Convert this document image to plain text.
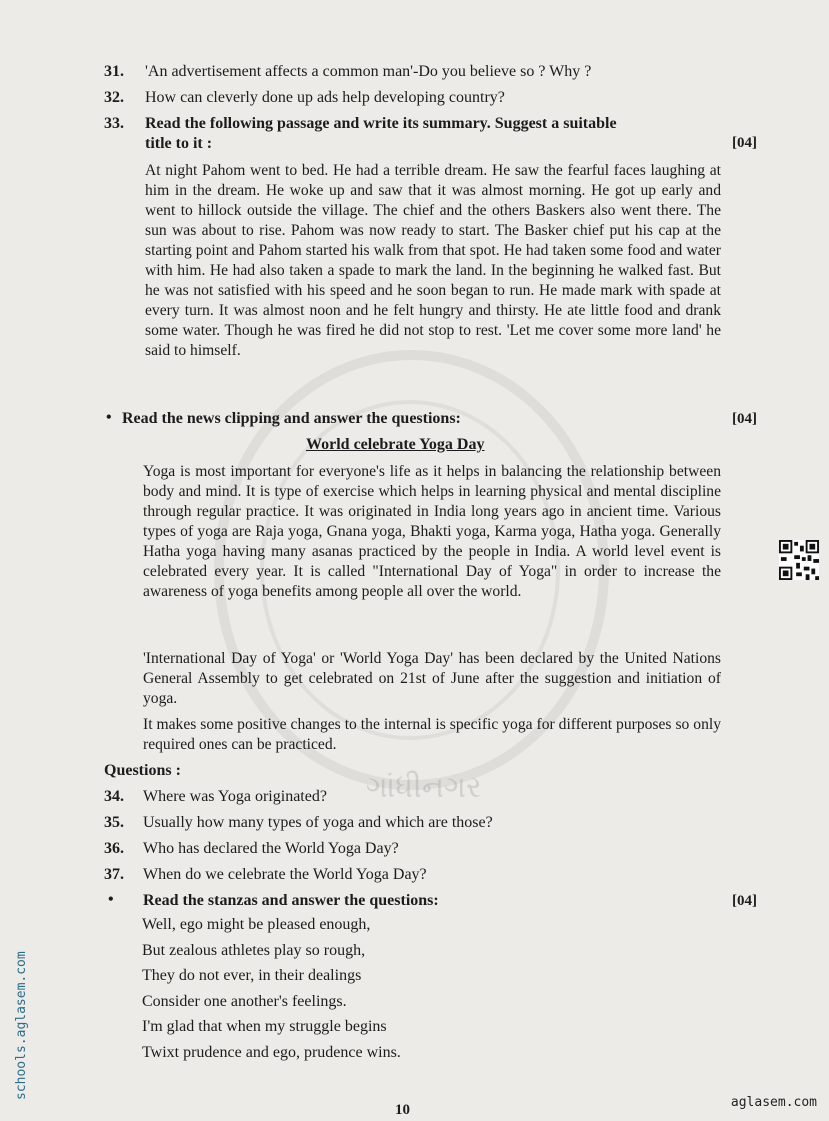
ગાંધીનગર
31. 'An advertisement affects a common man'-Do you believe so ? Why ?
32. How can cleverly done up ads help developing country?
33. Read the following passage and write its summary. Suggest a suitable
title to it :	[04]
At night Pahom went to bed. He had a terrible dream. He saw the fearful faces laughing at him in the dream. He woke up and saw that it was almost morning. He got up early and went to hillock outside the village. The chief and the others Baskers also went there. The sun was about to rise. Pahom was now ready to start. The Basker chief put his cap at the starting point and Pahom started his walk from that spot. He had taken some food and water with him. He had also taken a spade to mark the land. In the beginning he walked fast. But he was not satisfied with his speed and he soon began to run. He made mark with spade at every turn. It was almost noon and he felt hungry and thirsty. He ate little food and drank some water. Though he was fired he did not stop to rest. 'Let me cover some more land' he said to himself.
• Read the news clipping and answer the questions:	[04]
World celebrate Yoga Day
Yoga is most important for everyone's life as it helps in balancing the relationship between body and mind. It is type of exercise which helps in learning physical and mental discipline through regular practice. It was originated in India long years ago in ancient time. Various types of yoga are Raja yoga, Gnana yoga, Bhakti yoga, Karma yoga, Hatha yoga. Generally Hatha yoga having many asanas practiced by the people in India. A world level event is celebrated every year. It is called "International Day of Yoga" in order to increase the awareness of yoga benefits among people all over the world.
'International Day of Yoga' or 'World Yoga Day' has been declared by the United Nations General Assembly to get celebrated on 21st of June after the suggestion and initiation of yoga.
It makes some positive changes to the internal is specific yoga for different purposes so only required ones can be practiced.
Questions :
34. Where was Yoga originated?
35. Usually how many types of yoga and which are those?
36. Who has declared the World Yoga Day?
37. When do we celebrate the World Yoga Day?
• Read the stanzas and answer the questions:	[04]
Well, ego might be pleased enough,
But zealous athletes play so rough,
They do not ever, in their dealings
Consider one another's feelings.
I'm glad that when my struggle begins
Twixt prudence and ego, prudence wins.
10
schools.aglasem.com
aglasem.com
